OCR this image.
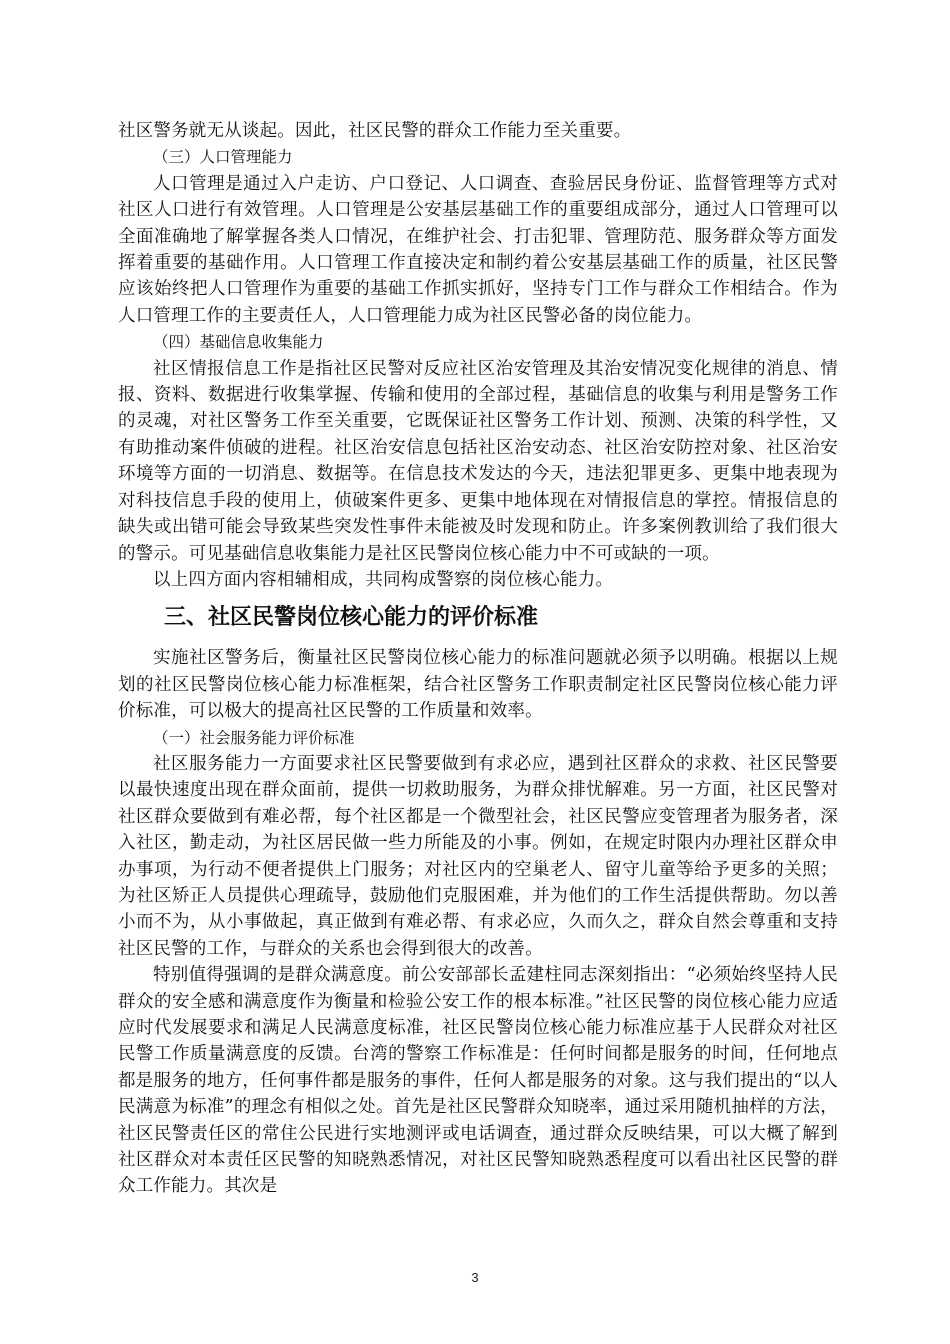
社区警务就无从谈起。因此，社区民警的群众工作能力至关重要。

（三）人口管理能力

人口管理是通过入户走访、户口登记、人口调查、查验居民身份证、监督管理等方式对社区人口进行有效管理。人口管理是公安基层基础工作的重要组成部分，通过人口管理可以全面准确地了解掌握各类人口情况，在维护社会、打击犯罪、管理防范、服务群众等方面发挥着重要的基础作用。人口管理工作直接决定和制约着公安基层基础工作的质量，社区民警应该始终把人口管理作为重要的基础工作抓实抓好，坚持专门工作与群众工作相结合。作为人口管理工作的主要责任人，人口管理能力成为社区民警必备的岗位能力。

（四）基础信息收集能力

社区情报信息工作是指社区民警对反应社区治安管理及其治安情况变化规律的消息、情报、资料、数据进行收集掌握、传输和使用的全部过程，基础信息的收集与利用是警务工作的灵魂，对社区警务工作至关重要，它既保证社区警务工作计划、预测、决策的科学性，又有助推动案件侦破的进程。社区治安信息包括社区治安动态、社区治安防控对象、社区治安环境等方面的一切消息、数据等。在信息技术发达的今天，违法犯罪更多、更集中地表现为对科技信息手段的使用上，侦破案件更多、更集中地体现在对情报信息的掌控。情报信息的缺失或出错可能会导致某些突发性事件未能被及时发现和防止。许多案例教训给了我们很大的警示。可见基础信息收集能力是社区民警岗位核心能力中不可或缺的一项。

以上四方面内容相辅相成，共同构成警察的岗位核心能力。

三、社区民警岗位核心能力的评价标准

实施社区警务后，衡量社区民警岗位核心能力的标准问题就必须予以明确。根据以上规划的社区民警岗位核心能力标准框架，结合社区警务工作职责制定社区民警岗位核心能力评价标准，可以极大的提高社区民警的工作质量和效率。

（一）社会服务能力评价标准

社区服务能力一方面要求社区民警要做到有求必应，遇到社区群众的求救、社区民警要以最快速度出现在群众面前，提供一切救助服务，为群众排忧解难。另一方面，社区民警对社区群众要做到有难必帮，每个社区都是一个微型社会，社区民警应变管理者为服务者，深入社区，勤走动，为社区居民做一些力所能及的小事。例如，在规定时限内办理社区群众申办事项，为行动不便者提供上门服务；对社区内的空巢老人、留守儿童等给予更多的关照；为社区矫正人员提供心理疏导，鼓励他们克服困难，并为他们的工作生活提供帮助。勿以善小而不为，从小事做起，真正做到有难必帮、有求必应，久而久之，群众自然会尊重和支持社区民警的工作，与群众的关系也会得到很大的改善。

特别值得强调的是群众满意度。前公安部部长孟建柱同志深刻指出：“必须始终坚持人民群众的安全感和满意度作为衡量和检验公安工作的根本标准。”社区民警的岗位核心能力应适应时代发展要求和满足人民满意度标准，社区民警岗位核心能力标准应基于人民群众对社区民警工作质量满意度的反馈。台湾的警察工作标准是：任何时间都是服务的时间，任何地点都是服务的地方，任何事件都是服务的事件，任何人都是服务的对象。这与我们提出的“以人民满意为标准”的理念有相似之处。首先是社区民警群众知晓率，通过采用随机抽样的方法，社区民警责任区的常住公民进行实地测评或电话调查，通过群众反映结果，可以大概了解到社区群众对本责任区民警的知晓熟悉情况，对社区民警知晓熟悉程度可以看出社区民警的群众工作能力。其次是

3
